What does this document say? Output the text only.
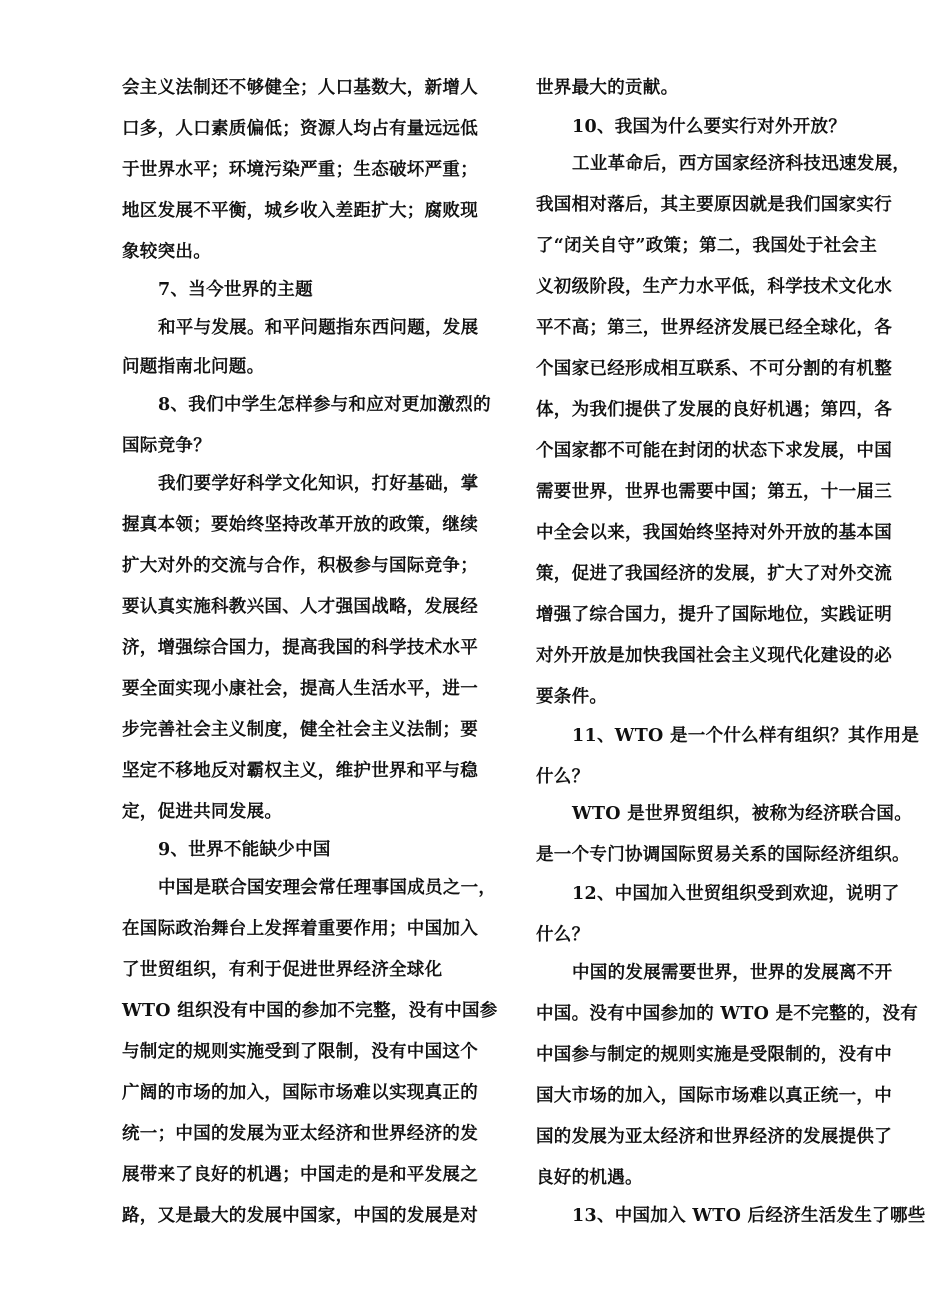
会主义法制还不够健全；人口基数大，新增人
口多，人口素质偏低；资源人均占有量远远低
于世界水平；环境污染严重；生态破坏严重；
地区发展不平衡，城乡收入差距扩大；腐败现
象较突出。
7、当今世界的主题
和平与发展。和平问题指东西问题，发展
问题指南北问题。
8、我们中学生怎样参与和应对更加激烈的
国际竞争？
我们要学好科学文化知识，打好基础，掌
握真本领；要始终坚持改革开放的政策，继续
扩大对外的交流与合作，积极参与国际竞争；
要认真实施科教兴国、人才强国战略，发展经
济，增强综合国力，提高我国的科学技术水平
要全面实现小康社会，提高人生活水平，进一
步完善社会主义制度，健全社会主义法制；要
坚定不移地反对霸权主义，维护世界和平与稳
定，促进共同发展。
9、世界不能缺少中国
中国是联合国安理会常任理事国成员之一，
在国际政治舞台上发挥着重要作用；中国加入
了世贸组织，有利于促进世界经济全球化
WTO 组织没有中国的参加不完整，没有中国参
与制定的规则实施受到了限制，没有中国这个
广阔的市场的加入，国际市场难以实现真正的
统一；中国的发展为亚太经济和世界经济的发
展带来了良好的机遇；中国走的是和平发展之
路，又是最大的发展中国家，中国的发展是对
世界最大的贡献。
10、我国为什么要实行对外开放？
工业革命后，西方国家经济科技迅速发展，
我国相对落后，其主要原因就是我们国家实行
了“闭关自守”政策；第二，我国处于社会主
义初级阶段，生产力水平低，科学技术文化水
平不高；第三，世界经济发展已经全球化，各
个国家已经形成相互联系、不可分割的有机整
体，为我们提供了发展的良好机遇；第四，各
个国家都不可能在封闭的状态下求发展，中国
需要世界，世界也需要中国；第五，十一届三
中全会以来，我国始终坚持对外开放的基本国
策，促进了我国经济的发展，扩大了对外交流
增强了综合国力，提升了国际地位，实践证明
对外开放是加快我国社会主义现代化建设的必
要条件。
11、WTO 是一个什么样有组织？其作用是
什么？
WTO 是世界贸组织，被称为经济联合国。
是一个专门协调国际贸易关系的国际经济组织。
12、中国加入世贸组织受到欢迎，说明了
什么？
中国的发展需要世界，世界的发展离不开
中国。没有中国参加的 WTO 是不完整的，没有
中国参与制定的规则实施是受限制的，没有中
国大市场的加入，国际市场难以真正统一，中
国的发展为亚太经济和世界经济的发展提供了
良好的机遇。
13、中国加入 WTO 后经济生活发生了哪些
